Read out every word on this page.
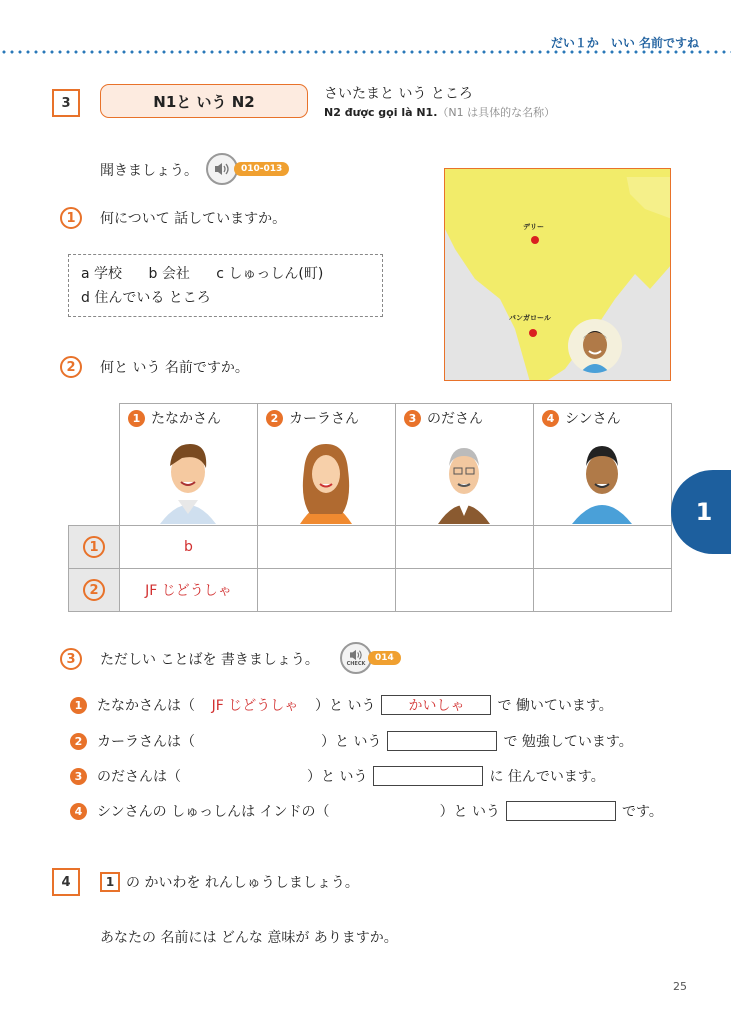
だい１か　いい 名前ですね
3	N1と いう N2	さいたまと いう ところ
N2 được gọi là N1.（N1 は具体的な名称）
聞きましょう。	010-013
1	何について 話していますか。
a 学校 b 会社 c しゅっしん(町)
d 住んでいる ところ
デリー
バンガロール
2	何と いう 名前ですか。

1 たなかさん	2 カーラさん	3 のださん	4 シンさん

1	b			

2	JF じどうしゃ			
1
3	ただしい ことばを 書きましょう。	CHECK
014
1	たなかさんは（	JF じどうしゃ	）と いう	かいしゃ	で 働いています。
2	カーラさんは（	）と いう	で 勉強しています。
3	のださんは（	）と いう	に 住んでいます。
4	シンさんの しゅっしんは インドの（	）と いう	です。
4	1 の かいわを れんしゅうしましょう。
あなたの 名前には どんな 意味が ありますか。
25
